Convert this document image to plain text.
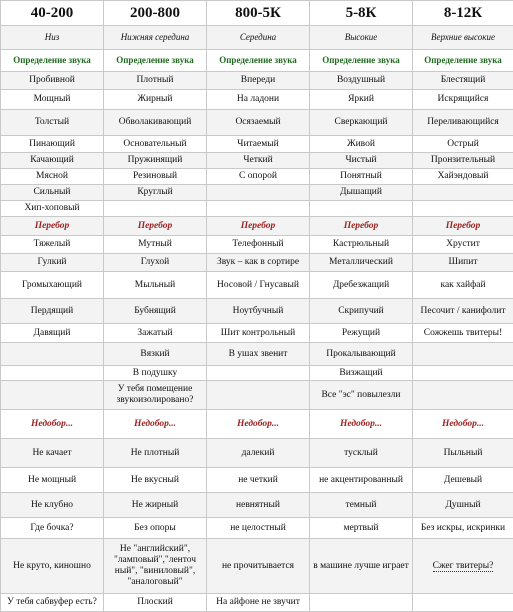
40-200	200-800	800-5К	5-8К	8-12К
Низ	Нижняя середина	Середина	Высокие	Верхние высокие
Определение звука	Определение звука	Определение звука	Определение звука	Определение звука
Пробивной	Плотный	Впереди	Воздушный	Блестящий
Мощный	Жирный	На ладони	Яркий	Искрящийся
Толстый	Обволакивающий	Осязаемый	Сверкающий	Переливающийся
Пинающий	Основательный	Читаемый	Живой	Острый
Качающий	Пружинящий	Четкий	Чистый	Пронзительный
Мясной	Резиновый	С опорой	Понятный	Хайэндовый
Сильный	Круглый		Дышащий	
Хип-хоповый				
Перебор	Перебор	Перебор	Перебор	Перебор
Тяжелый	Мутный	Телефонный	Кастрюльный	Хрустит
Гулкий	Глухой	Звук – как в сортире	Металлический	Шипит
Громыхающий	Мыльный	Носовой / Гнусавый	Дребезжащий	как хайфай
Пердящий	Бубнящий	Ноутбучный	Скрипучий	Песочит / канифолит
Давящий	Зажатый	Шит контрольный	Режущий	Сожжешь твитеры!
	Вязкий	В ушах звенит	Прокалывающий	
	В подушку		Визжащий	
	У тебя помещение звукоизолировано?		Все "эс" повылезли	
Недобор...	Недобор...	Недобор...	Недобор...	Недобор...
Не качает	Не плотный	далекий	тусклый	Пыльный
Не мощный	Не вкусный	не четкий	не акцентированный	Дешевый
Не клубно	Не жирный	невнятный	темный	Душный
Где бочка?	Без опоры	не целостный	мертвый	Без искры, искринки
Не круто, киношно	Не "английский", "ламповый","ленточ ный", "виниловый", "аналоговый"	не прочитывается	в машине лучше играет	Сжег твитеры?
У тебя сабвуфер есть?	Плоский	На айфоне не звучит		
